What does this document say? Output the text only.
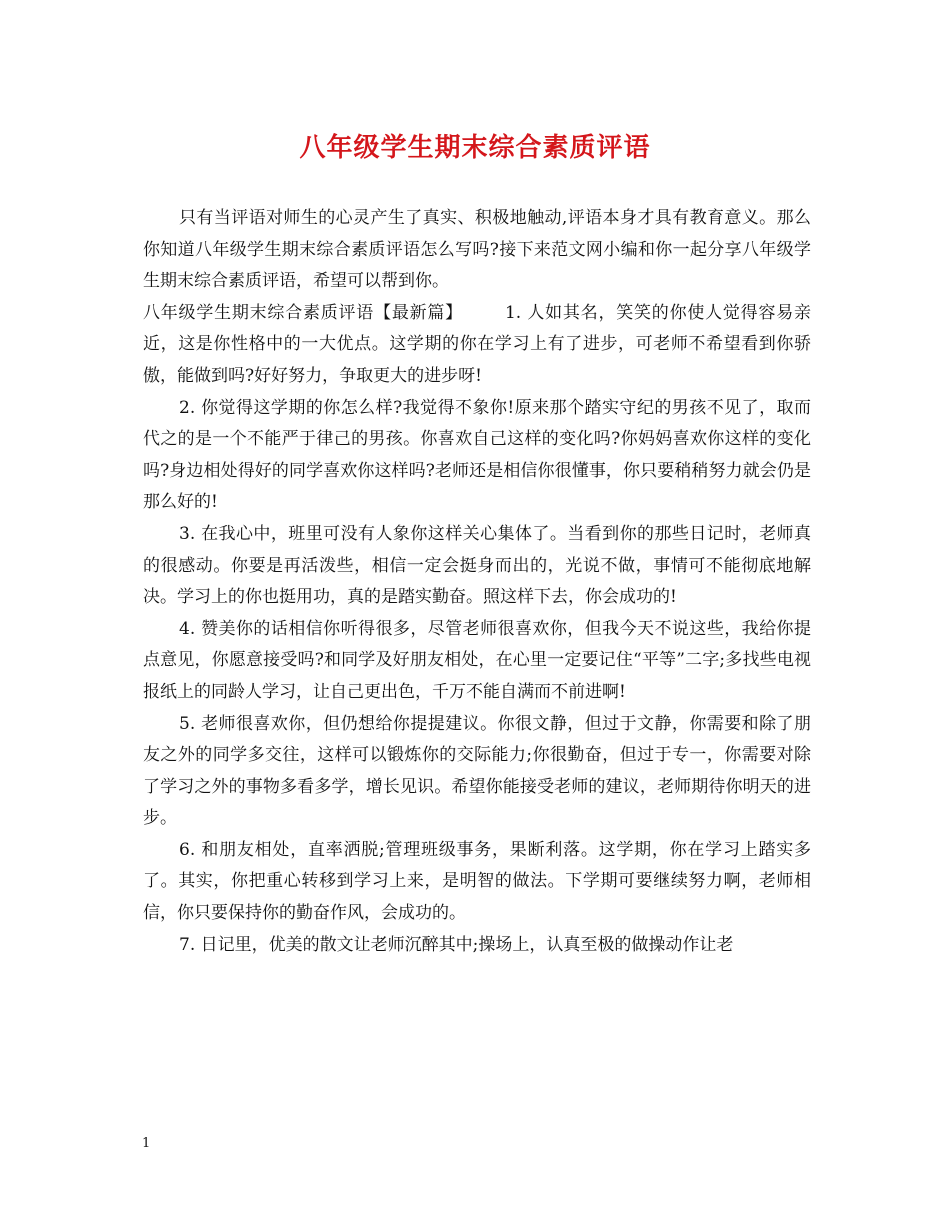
八年级学生期末综合素质评语

只有当评语对师生的心灵产生了真实、积极地触动,评语本身才具有教育意义。那么你知道八年级学生期末综合素质评语怎么写吗?接下来范文网小编和你一起分享八年级学生期末综合素质评语，希望可以帮到你。

八年级学生期末综合素质评语【最新篇】 1. 人如其名，笑笑的你使人觉得容易亲近，这是你性格中的一大优点。这学期的你在学习上有了进步，可老师不希望看到你骄傲，能做到吗?好好努力，争取更大的进步呀!

2. 你觉得这学期的你怎么样?我觉得不象你!原来那个踏实守纪的男孩不见了，取而代之的是一个不能严于律己的男孩。你喜欢自己这样的变化吗?你妈妈喜欢你这样的变化吗?身边相处得好的同学喜欢你这样吗?老师还是相信你很懂事，你只要稍稍努力就会仍是那么好的!

3. 在我心中，班里可没有人象你这样关心集体了。当看到你的那些日记时，老师真的很感动。你要是再活泼些，相信一定会挺身而出的，光说不做，事情可不能彻底地解决。学习上的你也挺用功，真的是踏实勤奋。照这样下去，你会成功的!

4. 赞美你的话相信你听得很多，尽管老师很喜欢你，但我今天不说这些，我给你提点意见，你愿意接受吗?和同学及好朋友相处，在心里一定要记住“平等”二字;多找些电视报纸上的同龄人学习，让自己更出色，千万不能自满而不前进啊!

5. 老师很喜欢你，但仍想给你提提建议。你很文静，但过于文静，你需要和除了朋友之外的同学多交往，这样可以锻炼你的交际能力;你很勤奋，但过于专一，你需要对除了学习之外的事物多看多学，增长见识。希望你能接受老师的建议，老师期待你明天的进步。

6. 和朋友相处，直率洒脱;管理班级事务，果断利落。这学期，你在学习上踏实多了。其实，你把重心转移到学习上来，是明智的做法。下学期可要继续努力啊，老师相信，你只要保持你的勤奋作风，会成功的。

7. 日记里，优美的散文让老师沉醉其中;操场上，认真至极的做操动作让老

1
